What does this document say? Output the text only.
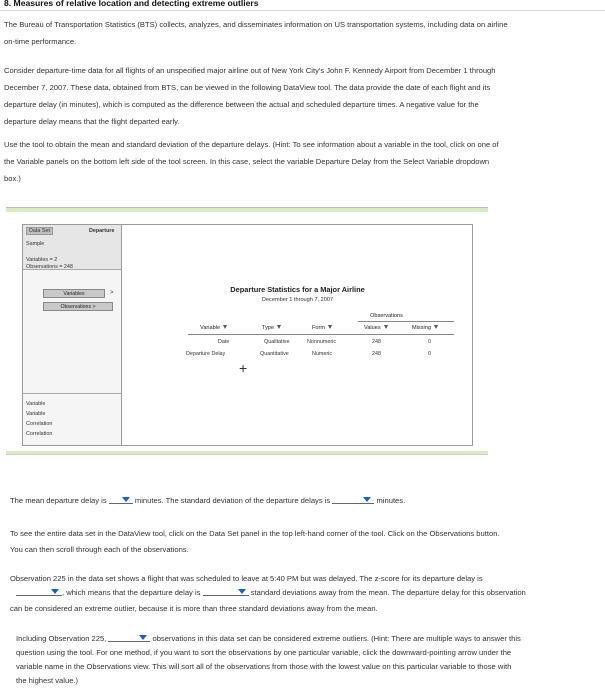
8. Measures of relative location and detecting extreme outliers
The Bureau of Transportation Statistics (BTS) collects, analyzes, and disseminates information on US transportation systems, including data on airline
on-time performance.
Consider departure-time data for all flights of an unspecified major airline out of New York City's John F. Kennedy Airport from December 1 through
December 7, 2007. These data, obtained from BTS, can be viewed in the following DataView tool. The data provide the date of each flight and its
departure delay (in minutes), which is computed as the difference between the actual and scheduled departure times. A negative value for the
departure delay means that the flight departed early.
Use the tool to obtain the mean and standard deviation of the departure delays. (Hint: To see information about a variable in the tool, click on one of
the Variable panels on the bottom left side of the tool screen. In this case, select the variable Departure Delay from the Select Variable dropdown
box.)
Data Set	Departure
Sample
Variables = 2
Observations = 248
Variables	>
Observations >
Variable
Variable
Correlation
Correlation
Departure Statistics for a Major Airline
December 1 through 7, 2007
Observations
Variable	Type	Form	Values	Missing
Date	Qualitative	Nonnumeric	248	0
Departure Delay	Quantitative	Numeric	248	0
+
The mean departure delay is	minutes. The standard deviation of the departure delays is	minutes.
To see the entire data set in the DataView tool, click on the Data Set panel in the top left-hand corner of the tool. Click on the Observations button.
You can then scroll through each of the observations.
Observation 225 in the data set shows a flight that was scheduled to leave at 5:40 PM but was delayed. The z-score for its departure delay is
, which means that the departure delay is	standard deviations away from the mean. The departure delay for this observation
can be considered an extreme outlier, because it is more than three standard deviations away from the mean.
Including Observation 225,	observations in this data set can be considered extreme outliers. (Hint: There are multiple ways to answer this
question using the tool. For one method, if you want to sort the observations by one particular variable, click the downward-pointing arrow under the
variable name in the Observations view. This will sort all of the observations from those with the lowest value on this particular variable to those with
the highest value.)
